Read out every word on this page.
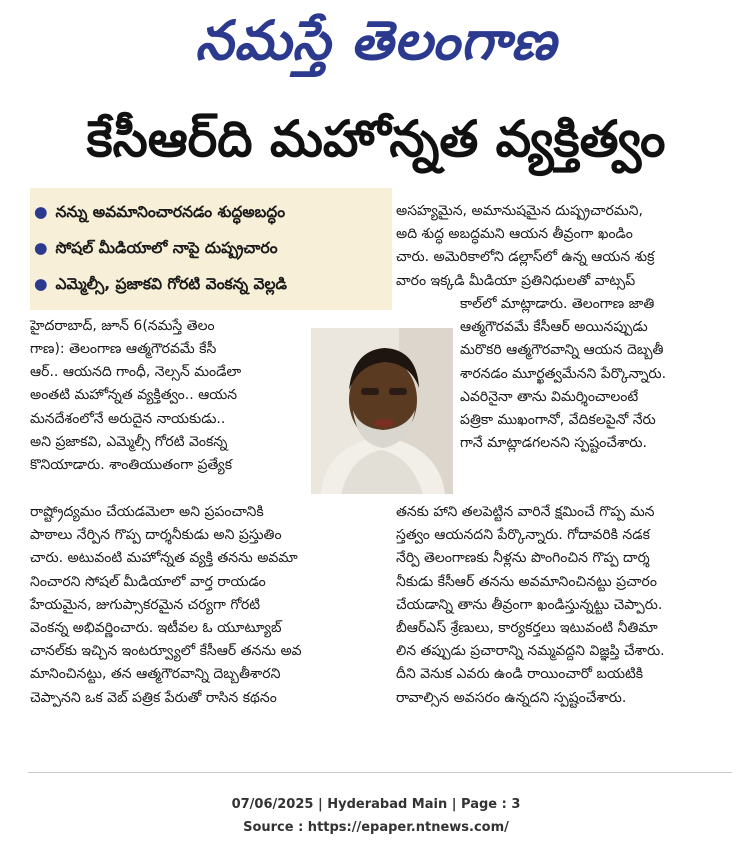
నమస్తే తెలంగాణ
కేసీఆర్‌ది మహోన్నత వ్యక్తిత్వం
● నన్ను అవమానించారనడం శుద్ధఅబద్ధం
● సోషల్‌ మీడియాలో నాపై దుష్ప్రచారం
● ఎమ్మెల్సీ, ప్రజాకవి గోరటి వెంకన్న వెల్లడి

హైదరాబాద్‌, జూన్‌ 6(నమస్తే తెలం

గాణ): తెలంగాణ ఆత్మగౌరవమే కేసీ

ఆర్‌.. ఆయనది గాంధీ, నెల్సన్‌ మండేలా

అంతటి మహోన్నత వ్యక్తిత్వం.. ఆయన

మనదేశంలోనే అరుదైన నాయకుడు..

అని ప్రజాకవి, ఎమ్మెల్సీ గోరటి వెంకన్న

కొనియాడారు. శాంతియుతంగా ప్రత్యేక

రాష్ట్రోద్యమం చేయడమెలా అని ప్రపంచానికి

పాఠాలు నేర్పిన గొప్ప దార్శనీకుడు అని ప్రస్తుతిం

చారు. అటువంటి మహోన్నత వ్యక్తి తనను అవమా

నించారని సోషల్‌ మీడియాలో వార్త రాయడం

హేయమైన, జుగుప్సాకరమైన చర్యగా గోరటి

వెంకన్న అభివర్ణించారు. ఇటీవల ఓ యూట్యూబ్‌

చానల్‌కు ఇచ్చిన ఇంటర్వ్యూలో కేసీఆర్‌ తనను అవ

మానించినట్టు, తన ఆత్మగౌరవాన్ని దెబ్బతీశారని

చెప్పానని ఒక వెబ్‌ పత్రిక పేరుతో రాసిన కథనం

అసహ్యమైన, అమానుషమైన దుష్ప్రచారమని,

అది శుద్ధ అబద్ధమని ఆయన తీవ్రంగా ఖండిం

చారు. అమెరికాలోని డల్లాస్‌లో ఉన్న ఆయన శుక్ర

వారం ఇక్కడి మీడియా ప్రతినిధులతో వాట్సప్‌

కాల్‌లో మాట్లాడారు. తెలంగాణ జాతి

ఆత్మగౌరవమే కేసీఆర్‌ అయినప్పుడు

మరొకరి ఆత్మగౌరవాన్ని ఆయన దెబ్బతీ

శారనడం మూర్ఖత్వమేనని పేర్కొన్నారు.

ఎవరినైనా తాను విమర్శించాలంటే

పత్రికా ముఖంగానో, వేదికలపైనో నేరు

గానే మాట్లాడగలనని స్పష్టంచేశారు.

తనకు హాని తలపెట్టిన వారినే క్షమించే గొప్ప మన

స్తత్వం ఆయనదని పేర్కొన్నారు. గోదావరికి నడక

నేర్పి తెలంగాణకు నీళ్లను పొంగించిన గొప్ప దార్శ

నీకుడు కేసీఆర్‌ తనను అవమానించినట్టు ప్రచారం

చేయడాన్ని తాను తీవ్రంగా ఖండిస్తున్నట్టు చెప్పారు.

బీఆర్‌ఎస్‌ శ్రేణులు, కార్యకర్తలు ఇటువంటి నీతిమా

లిన తప్పుడు ప్రచారాన్ని నమ్మవద్దని విజ్ఞప్తి చేశారు.

దీని వెనుక ఎవరు ఉండి రాయించారో బయటికి

రావాల్సిన అవసరం ఉన్నదని స్పష్టంచేశారు.

07/06/2025 | Hyderabad Main | Page : 3
Source : https://epaper.ntnews.com/
